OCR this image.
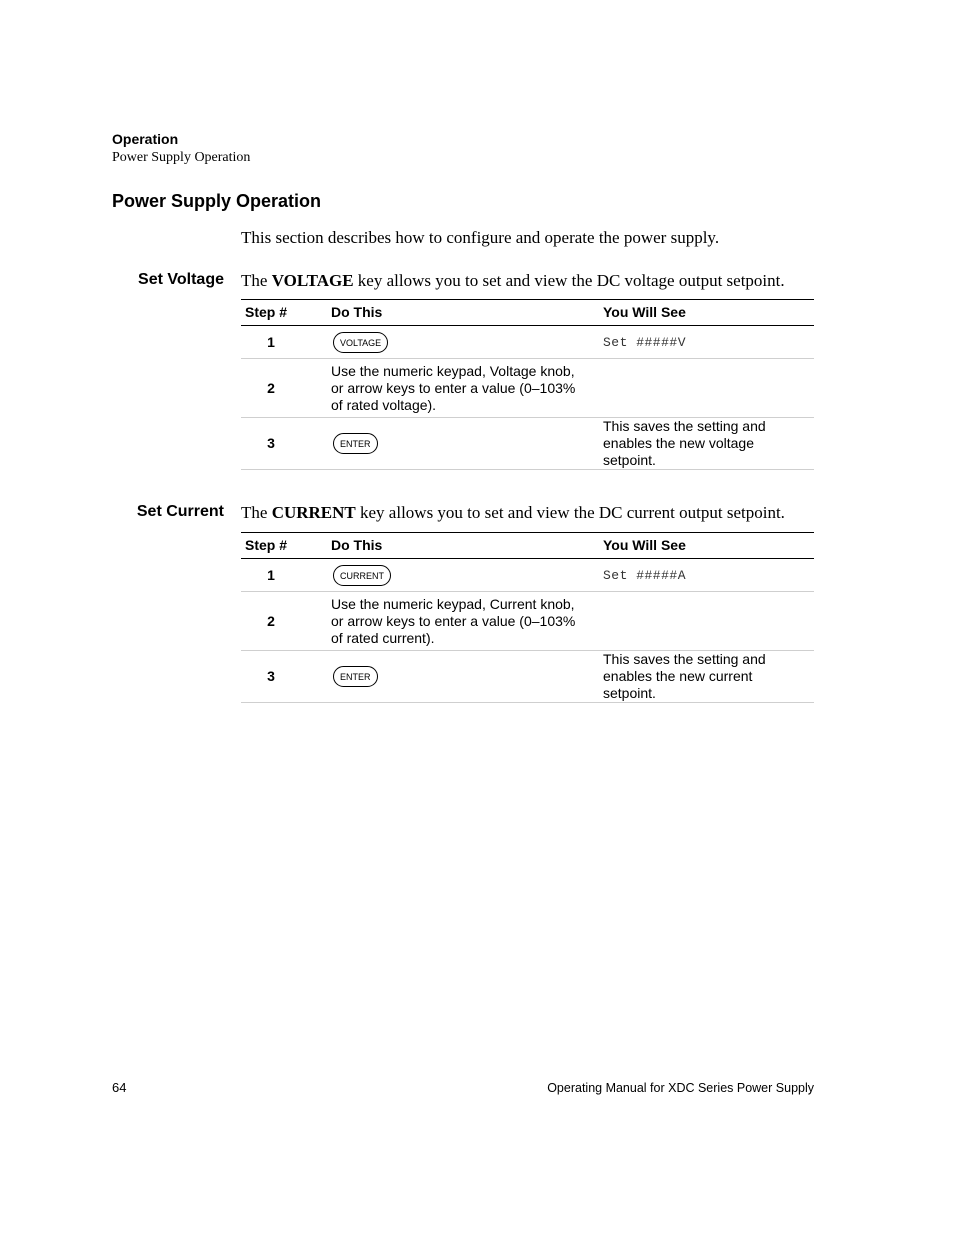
Operation
Power Supply Operation
Power Supply Operation
This section describes how to configure and operate the power supply.
Set Voltage The VOLTAGE key allows you to set and view the DC voltage output setpoint.
Step #	Do This	You Will See
1	VOLTAGE	Set #####V
2	Use the numeric keypad, Voltage knob, or arrow keys to enter a value (0–103% of rated voltage).	
3	ENTER	This saves the setting and enables the new voltage setpoint.
Set Current The CURRENT key allows you to set and view the DC current output setpoint.
Step #	Do This	You Will See
1	CURRENT	Set #####A
2	Use the numeric keypad, Current knob, or arrow keys to enter a value (0–103% of rated current).	
3	ENTER	This saves the setting and enables the new current setpoint.
64	Operating Manual for XDC Series Power Supply
